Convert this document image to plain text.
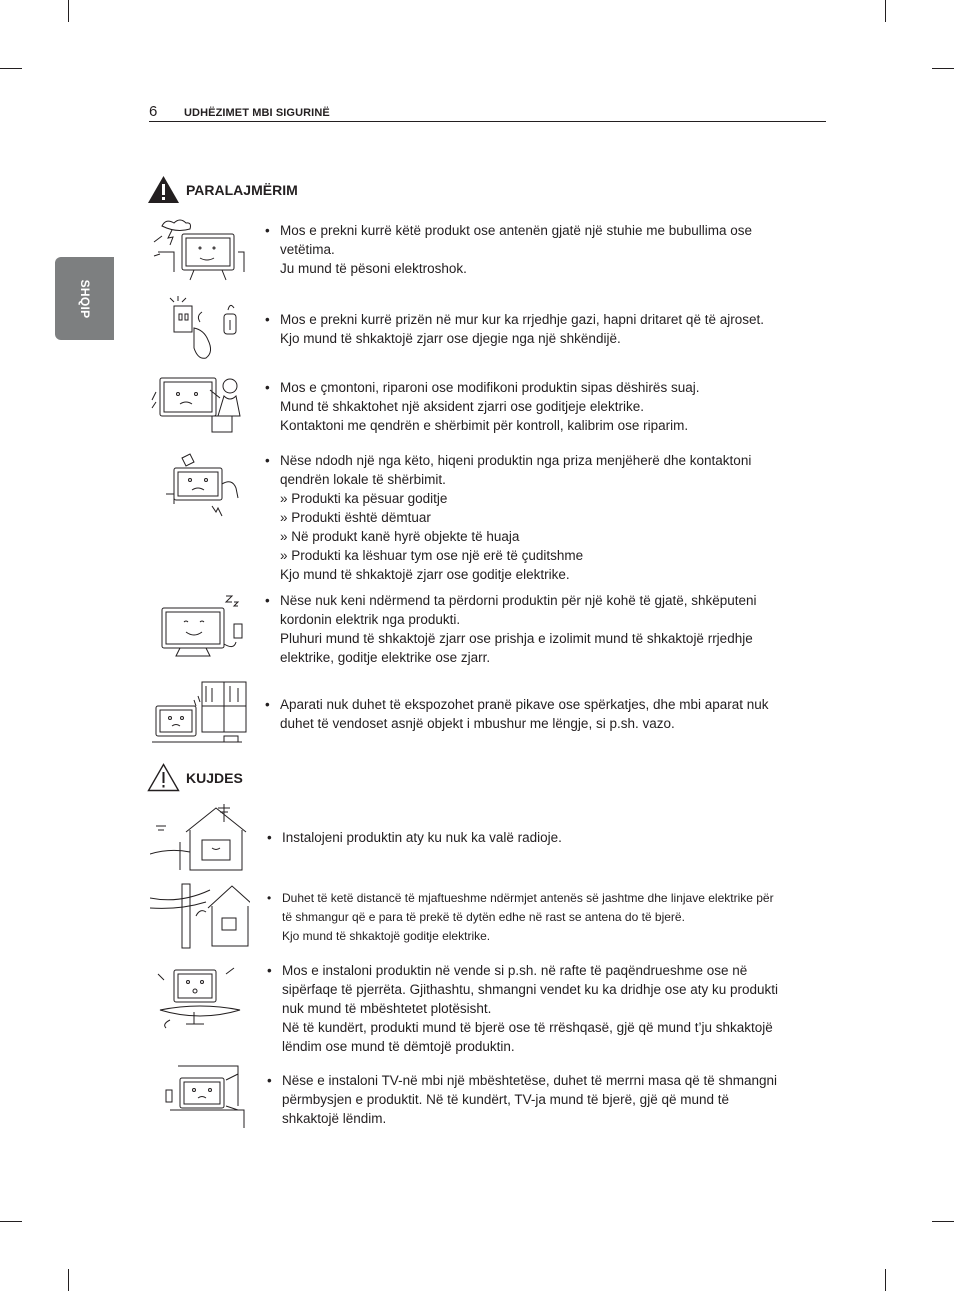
6 UDHËZIMET MBI SIGURINË
SHQIP
PARALAJMËRIM
• Mos e prekni kurrë këtë produkt ose antenën gjatë një stuhie me bubullima ose
vetëtima.
Ju mund të pësoni elektroshok.
• Mos e prekni kurrë prizën në mur kur ka rrjedhje gazi, hapni dritaret që të ajroset.
Kjo mund të shkaktojë zjarr ose djegie nga një shkëndijë.
• Mos e çmontoni, riparoni ose modifikoni produktin sipas dëshirës suaj.
Mund të shkaktohet një aksident zjarri ose goditjeje elektrike.
Kontaktoni me qendrën e shërbimit për kontroll, kalibrim ose riparim.
• Nëse ndodh një nga këto, hiqeni produktin nga priza menjëherë dhe kontaktoni
qendrën lokale të shërbimit.
» Produkti ka pësuar goditje
» Produkti është dëmtuar
» Në produkt kanë hyrë objekte të huaja
» Produkti ka lëshuar tym ose një erë të çuditshme
Kjo mund të shkaktojë zjarr ose goditje elektrike.
• Nëse nuk keni ndërmend ta përdorni produktin për një kohë të gjatë, shkëputeni
kordonin elektrik nga produkti.
Pluhuri mund të shkaktojë zjarr ose prishja e izolimit mund të shkaktojë rrjedhje
elektrike, goditje elektrike ose zjarr.
• Aparati nuk duhet të ekspozohet pranë pikave ose spërkatjes, dhe mbi aparat nuk
duhet të vendoset asnjë objekt i mbushur me lëngje, si p.sh. vazo.
KUJDES
• Instalojeni produktin aty ku nuk ka valë radioje.
• Duhet të ketë distancë të mjaftueshme ndërmjet antenës së jashtme dhe linjave elektrike për
të shmangur që e para të prekë të dytën edhe në rast se antena do të bjerë.
Kjo mund të shkaktojë goditje elektrike.
• Mos e instaloni produktin në vende si p.sh. në rafte të paqëndrueshme ose në
sipërfaqe të pjerrëta. Gjithashtu, shmangni vendet ku ka dridhje ose aty ku produkti
nuk mund të mbështetet plotësisht.
Në të kundërt, produkti mund të bjerë ose të rrëshqasë, gjë që mund t’ju shkaktojë
lëndim ose mund të dëmtojë produktin.
• Nëse e instaloni TV-në mbi një mbështetëse, duhet të merrni masa që të shmangni
përmbysjen e produktit. Në të kundërt, TV-ja mund të bjerë, gjë që mund të
shkaktojë lëndim.
